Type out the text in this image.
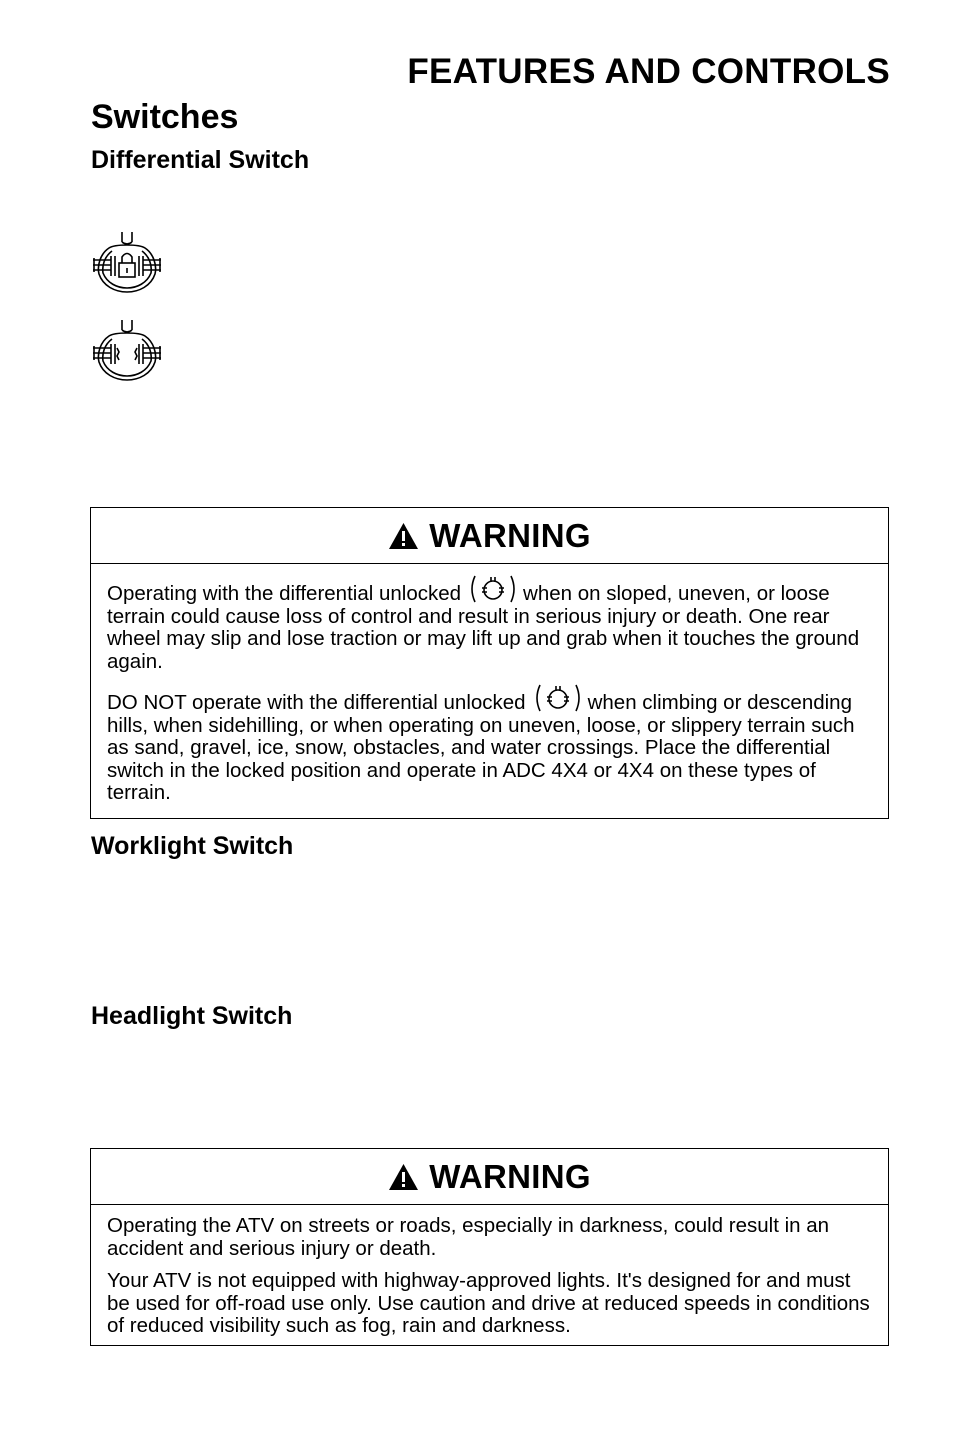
FEATURES AND CONTROLS
Switches
Differential Switch
WARNING

Operating with the differential unlocked	when on sloped, uneven, or loose terrain could cause loss of control and result in serious injury or death. One rear wheel may slip and lose traction or may lift up and grab when it touches the ground again.

DO NOT operate with the differential unlocked	when climbing or descending hills, when sidehilling, or when operating on uneven, loose, or slippery terrain such as sand, gravel, ice, snow, obstacles, and water crossings. Place the differential switch in the locked position and operate in ADC 4X4 or 4X4 on these types of terrain.

Worklight Switch
Headlight Switch
WARNING

Operating the ATV on streets or roads, especially in darkness, could result in an accident and serious injury or death.

Your ATV is not equipped with highway-approved lights. It's designed for and must be used for off-road use only. Use caution and drive at reduced speeds in conditions of reduced visibility such as fog, rain and darkness.
